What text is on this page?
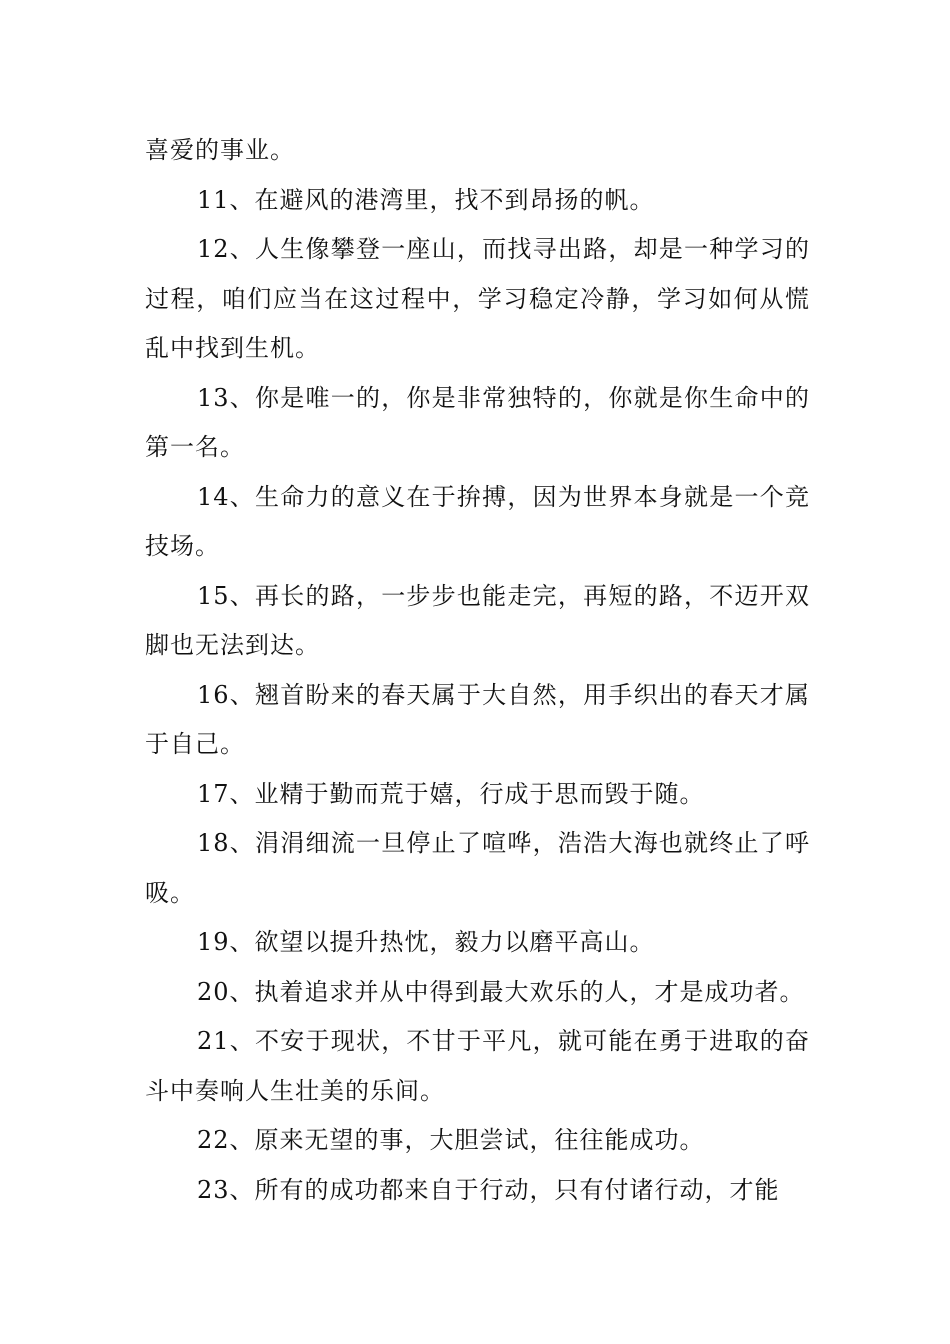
喜爱的事业。

11、在避风的港湾里，找不到昂扬的帆。

12、人生像攀登一座山，而找寻出路，却是一种学习的过程，咱们应当在这过程中，学习稳定冷静，学习如何从慌乱中找到生机。

13、你是唯一的，你是非常独特的，你就是你生命中的第一名。

14、生命力的意义在于拚搏，因为世界本身就是一个竞技场。

15、再长的路，一步步也能走完，再短的路，不迈开双脚也无法到达。

16、翘首盼来的春天属于大自然，用手织出的春天才属于自己。

17、业精于勤而荒于嬉，行成于思而毁于随。

18、涓涓细流一旦停止了喧哗，浩浩大海也就终止了呼吸。

19、欲望以提升热忱，毅力以磨平高山。

20、执着追求并从中得到最大欢乐的人，才是成功者。

21、不安于现状，不甘于平凡，就可能在勇于进取的奋斗中奏响人生壮美的乐间。

22、原来无望的事，大胆尝试，往往能成功。

23、所有的成功都来自于行动，只有付诸行动，才能
